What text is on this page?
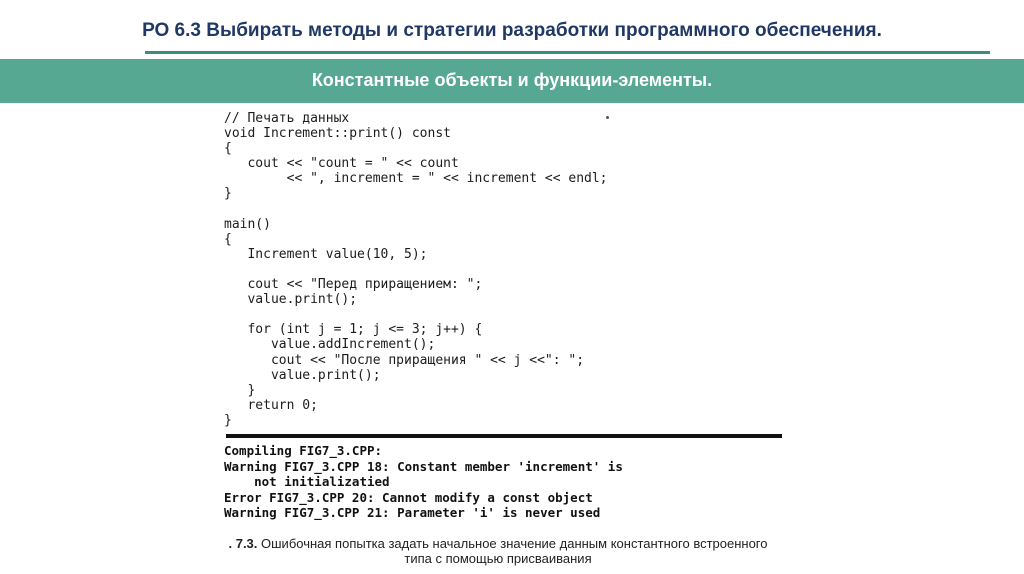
РО 6.3 Выбирать методы и стратегии разработки программного обеспечения.
Константные объекты и функции-элементы.
// Печать данных
void Increment::print() const
{
cout << "count = " << count
<< ", increment = " << increment << endl;
}

main()
{
Increment value(10, 5);

cout << "Перед приращением: ";
value.print();

for (int j = 1; j <= 3; j++) {
value.addIncrement();
cout << "После приращения " << j <<": ";
value.print();
}
return 0;
}
Compiling FIG7_3.CPP:
Warning FIG7_3.CPP 18: Constant member 'increment' is
not initializatied
Error FIG7_3.CPP 20: Cannot modify a const object
Warning FIG7_3.CPP 21: Parameter 'i' is never used
. 7.3. Ошибочная попытка задать начальное значение данным константного встроенного типа с помощью присваивания
